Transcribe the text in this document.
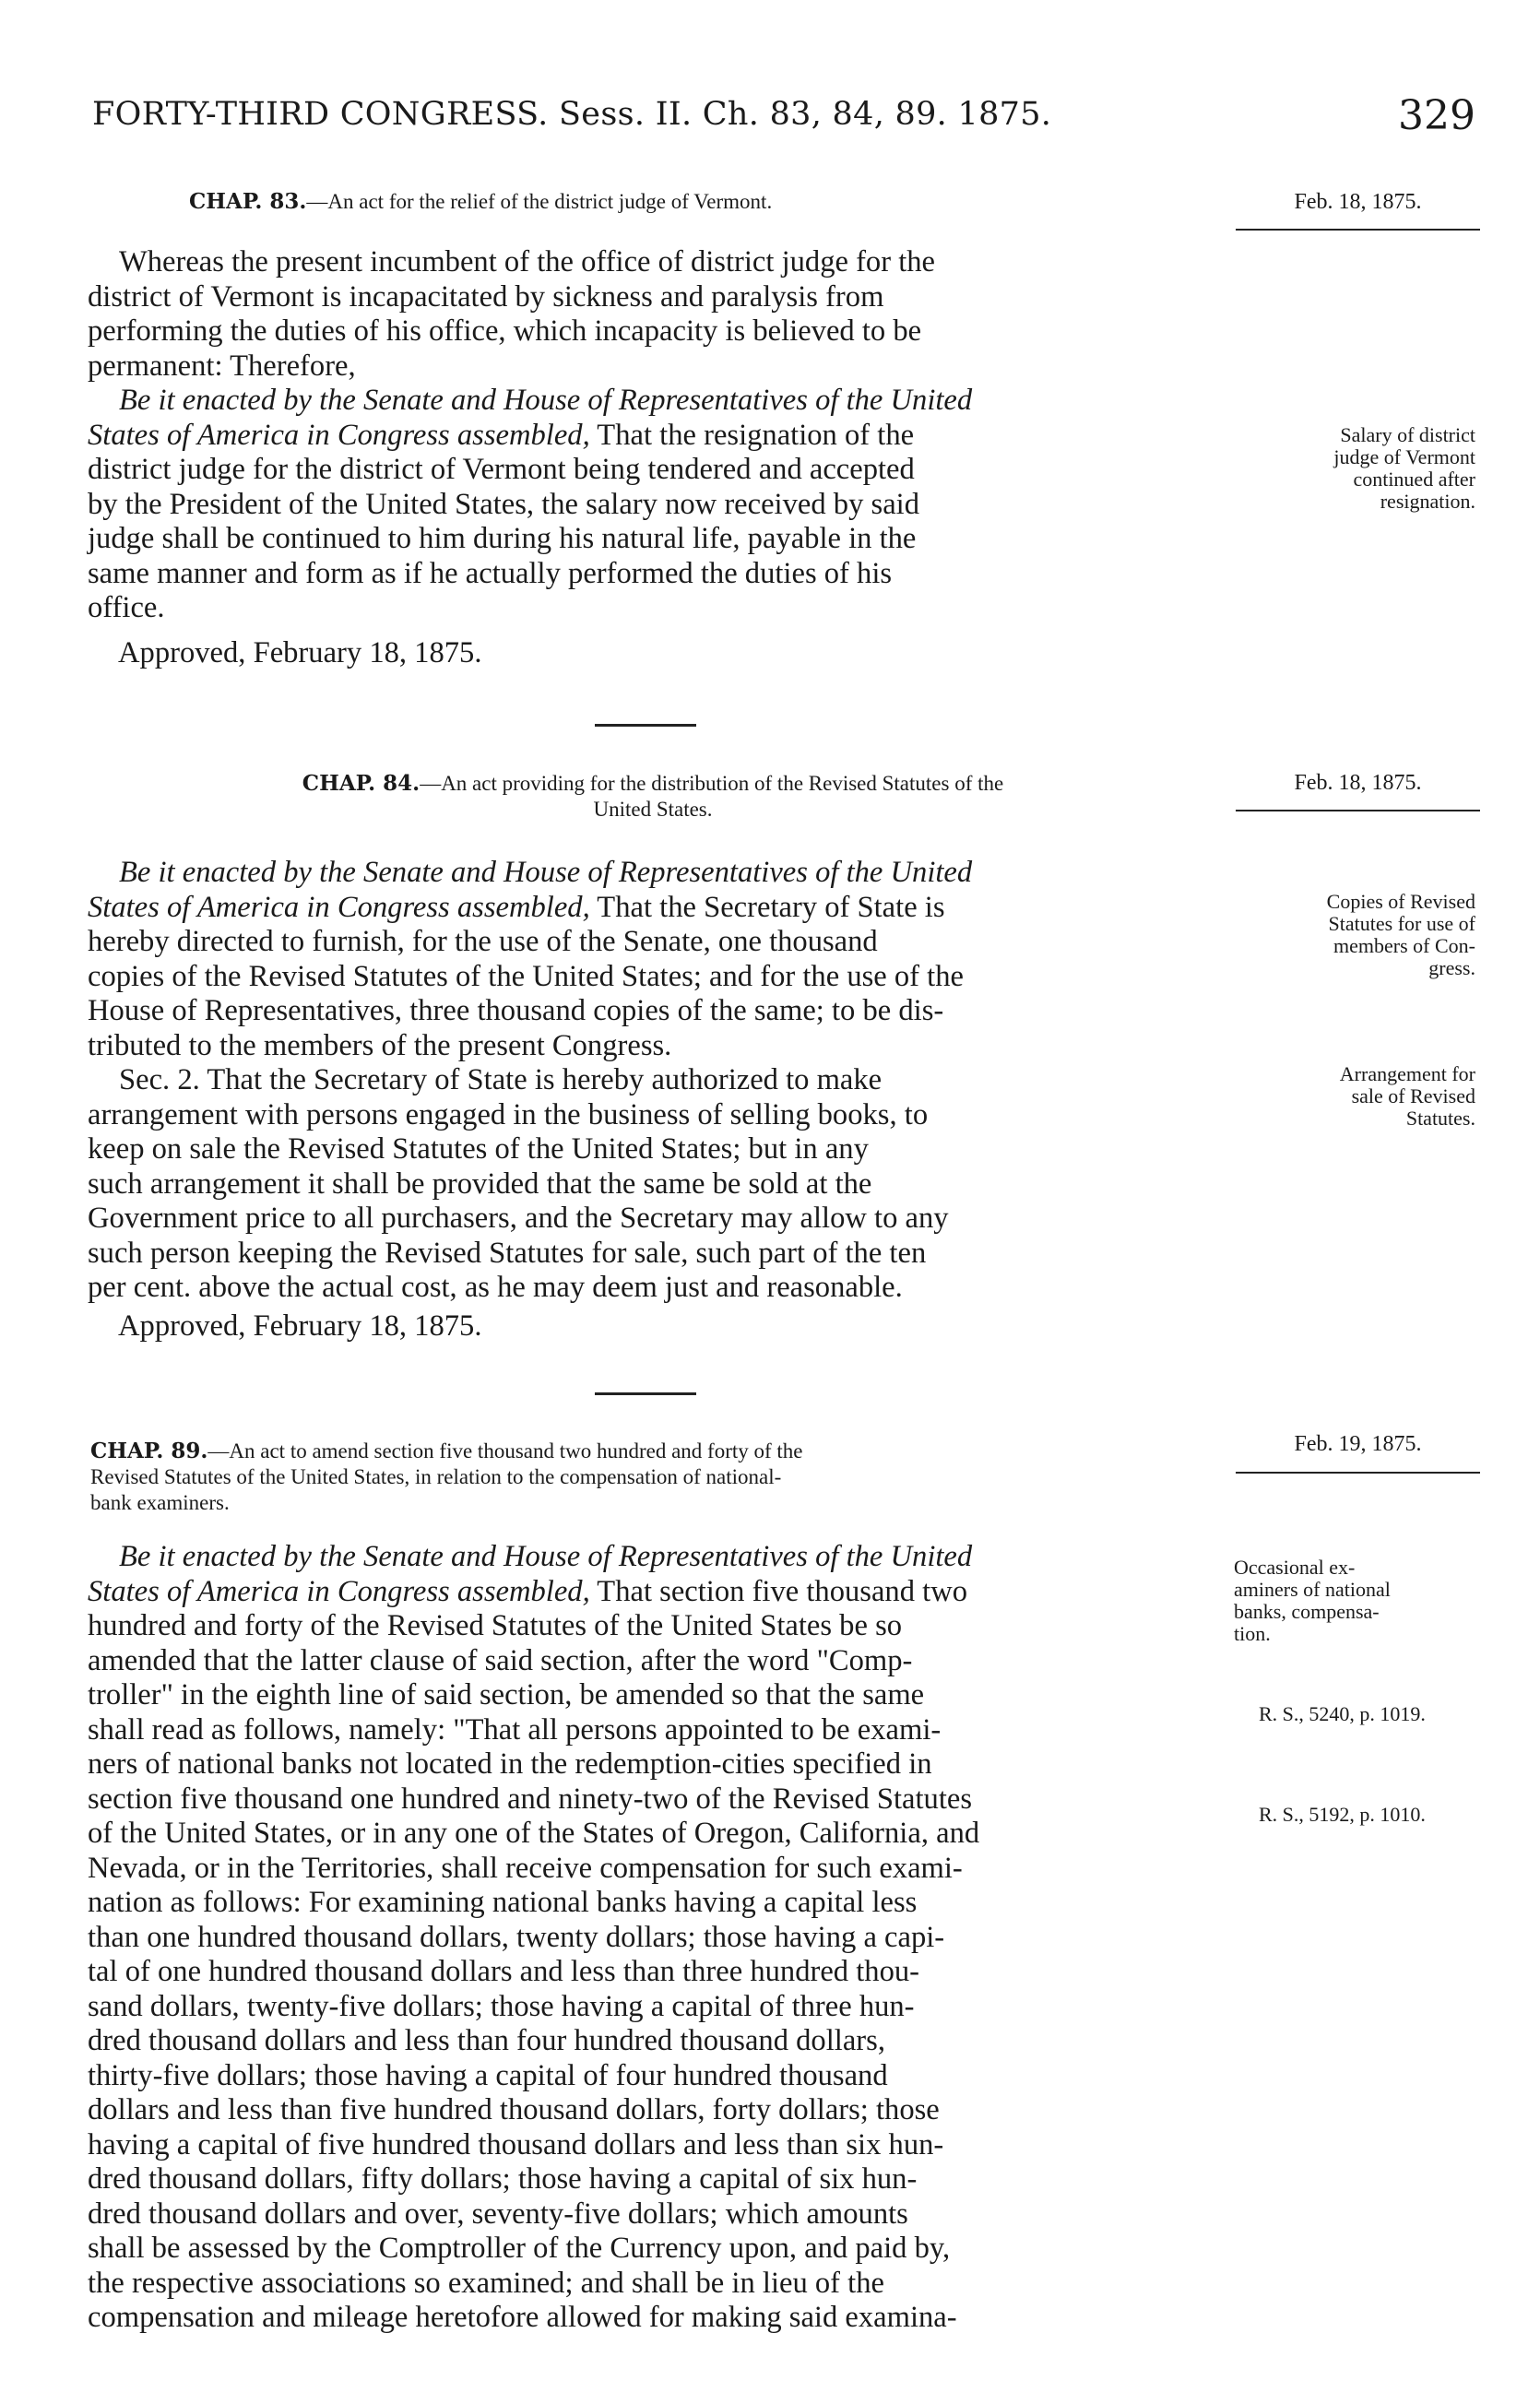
FORTY-THIRD CONGRESS. Sess. II. Ch. 83, 84, 89. 1875.	329
CHAP. 83.—An act for the relief of the district judge of Vermont.	Feb. 18, 1875.
Whereas the present incumbent of the office of district judge for the
district of Vermont is incapacitated by sickness and paralysis from
performing the duties of his office, which incapacity is believed to be
permanent: Therefore,
Be it enacted by the Senate and House of Representatives of the United
States of America in Congress assembled, That the resignation of the
district judge for the district of Vermont being tendered and accepted
by the President of the United States, the salary now received by said
judge shall be continued to him during his natural life, payable in the
same manner and form as if he actually performed the duties of his
office.
Salary of district
judge of Vermont
continued after
resignation.
Approved, February 18, 1875.
CHAP. 84.—An act providing for the distribution of the Revised Statutes of the
United States.
Feb. 18, 1875.
Be it enacted by the Senate and House of Representatives of the United
States of America in Congress assembled, That the Secretary of State is
hereby directed to furnish, for the use of the Senate, one thousand
copies of the Revised Statutes of the United States; and for the use of the
House of Representatives, three thousand copies of the same; to be dis-
tributed to the members of the present Congress.
Copies of Revised
Statutes for use of
members of Con-
gress.
Sec. 2. That the Secretary of State is hereby authorized to make
arrangement with persons engaged in the business of selling books, to
keep on sale the Revised Statutes of the United States; but in any
such arrangement it shall be provided that the same be sold at the
Government price to all purchasers, and the Secretary may allow to any
such person keeping the Revised Statutes for sale, such part of the ten
per cent. above the actual cost, as he may deem just and reasonable.
Arrangement for
sale of Revised
Statutes.
Approved, February 18, 1875.
CHAP. 89.—An act to amend section five thousand two hundred and forty of the
Revised Statutes of the United States, in relation to the compensation of national-
bank examiners.
Feb. 19, 1875.
Be it enacted by the Senate and House of Representatives of the United
States of America in Congress assembled, That section five thousand two
hundred and forty of the Revised Statutes of the United States be so
amended that the latter clause of said section, after the word "Comp-
troller" in the eighth line of said section, be amended so that the same
shall read as follows, namely: "That all persons appointed to be exami-
ners of national banks not located in the redemption-cities specified in
section five thousand one hundred and ninety-two of the Revised Statutes
of the United States, or in any one of the States of Oregon, California, and
Nevada, or in the Territories, shall receive compensation for such exami-
nation as follows: For examining national banks having a capital less
than one hundred thousand dollars, twenty dollars; those having a capi-
tal of one hundred thousand dollars and less than three hundred thou-
sand dollars, twenty-five dollars; those having a capital of three hun-
dred thousand dollars and less than four hundred thousand dollars,
thirty-five dollars; those having a capital of four hundred thousand
dollars and less than five hundred thousand dollars, forty dollars; those
having a capital of five hundred thousand dollars and less than six hun-
dred thousand dollars, fifty dollars; those having a capital of six hun-
dred thousand dollars and over, seventy-five dollars; which amounts
shall be assessed by the Comptroller of the Currency upon, and paid by,
the respective associations so examined; and shall be in lieu of the
compensation and mileage heretofore allowed for making said examina-
Occasional ex-
aminers of national
banks, compensa-
tion.
R. S., 5240, p. 1019.
R. S., 5192, p. 1010.
